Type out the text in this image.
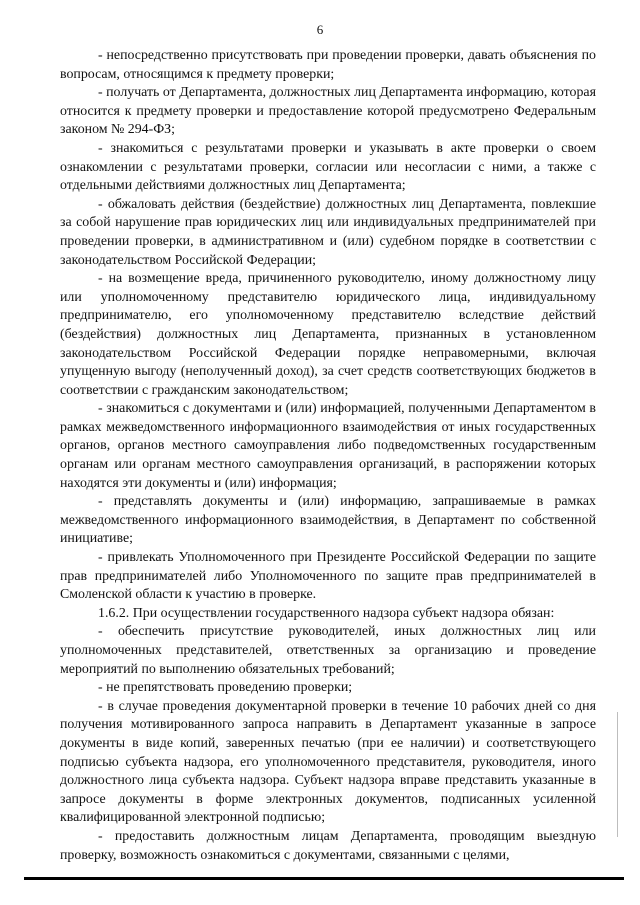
6

- непосредственно присутствовать при проведении проверки, давать объяснения по вопросам, относящимся к предмету проверки;

- получать от Департамента, должностных лиц Департамента информацию, которая относится к предмету проверки и предоставление которой предусмотрено Федеральным законом № 294-ФЗ;

- знакомиться с результатами проверки и указывать в акте проверки о своем ознакомлении с результатами проверки, согласии или несогласии с ними, а также с отдельными действиями должностных лиц Департамента;

- обжаловать действия (бездействие) должностных лиц Департамента, повлекшие за собой нарушение прав юридических лиц или индивидуальных предпринимателей при проведении проверки, в административном и (или) судебном порядке в соответствии с законодательством Российской Федерации;

- на возмещение вреда, причиненного руководителю, иному должностному лицу или уполномоченному представителю юридического лица, индивидуальному предпринимателю, его уполномоченному представителю вследствие действий (бездействия) должностных лиц Департамента, признанных в установленном законодательством Российской Федерации порядке неправомерными, включая упущенную выгоду (неполученный доход), за счет средств соответствующих бюджетов в соответствии с гражданским законодательством;

- знакомиться с документами и (или) информацией, полученными Департаментом в рамках межведомственного информационного взаимодействия от иных государственных органов, органов местного самоуправления либо подведомственных государственным органам или органам местного самоуправления организаций, в распоряжении которых находятся эти документы и (или) информация;

- представлять документы и (или) информацию, запрашиваемые в рамках межведомственного информационного взаимодействия, в Департамент по собственной инициативе;

- привлекать Уполномоченного при Президенте Российской Федерации по защите прав предпринимателей либо Уполномоченного по защите прав предпринимателей в Смоленской области к участию в проверке.

1.6.2. При осуществлении государственного надзора субъект надзора обязан:

- обеспечить присутствие руководителей, иных должностных лиц или уполномоченных представителей, ответственных за организацию и проведение мероприятий по выполнению обязательных требований;

- не препятствовать проведению проверки;

- в случае проведения документарной проверки в течение 10 рабочих дней со дня получения мотивированного запроса направить в Департамент указанные в запросе документы в виде копий, заверенных печатью (при ее наличии) и соответствующего подписью субъекта надзора, его уполномоченного представителя, руководителя, иного должностного лица субъекта надзора. Субъект надзора вправе представить указанные в запросе документы в форме электронных документов, подписанных усиленной квалифицированной электронной подписью;

- предоставить должностным лицам Департамента, проводящим выездную проверку, возможность ознакомиться с документами, связанными с целями,
